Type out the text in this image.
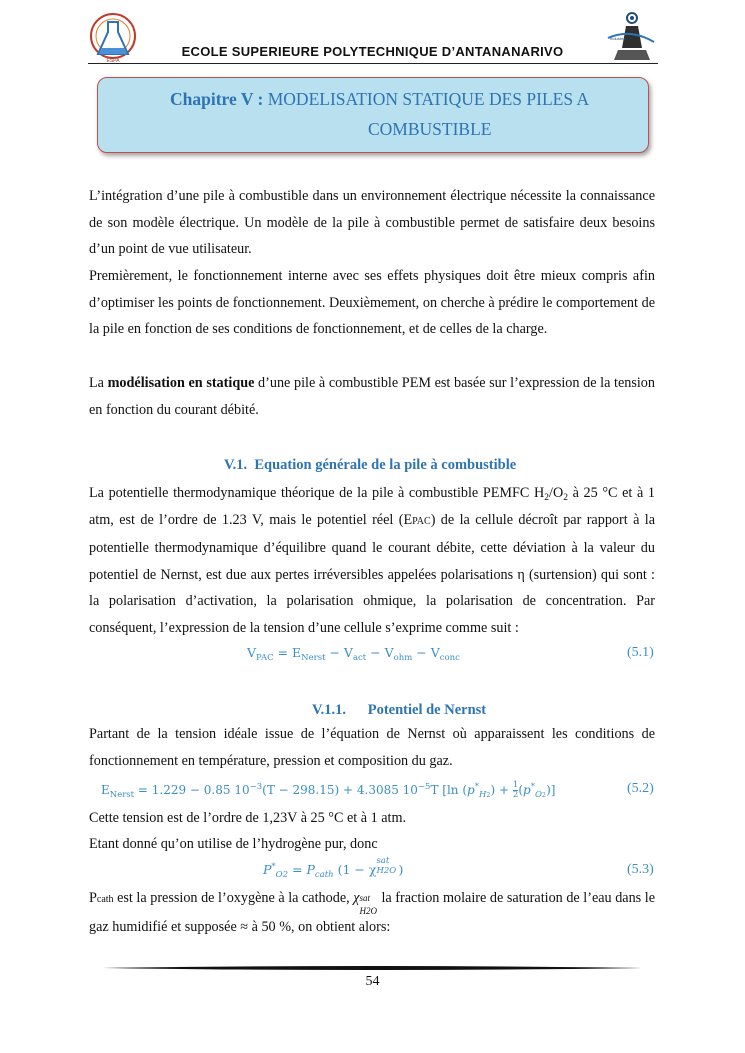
ESPA
Industrial
ECOLE SUPERIEURE POLYTECHNIQUE D’ANTANANARIVO
Chapitre V : MODELISATION STATIQUE DES PILES A
COMBUSTIBLE

L’intégration d’une pile à combustible dans un environnement électrique nécessite la connaissance de son modèle électrique. Un modèle de la pile à combustible permet de satisfaire deux besoins d’un point de vue utilisateur.

Premièrement, le fonctionnement interne avec ses effets physiques doit être mieux compris afin d’optimiser les points de fonctionnement. Deuxièmement, on cherche à prédire le comportement de la pile en fonction de ses conditions de fonctionnement, et de celles de la charge.

La modélisation en statique d’une pile à combustible PEM est basée sur l’expression de la tension en fonction du courant débité.

V.1. Equation générale de la pile à combustible

La potentielle thermodynamique théorique de la pile à combustible PEMFC $H_2/O_2$ à 25 °C et à 1 atm, est de l’ordre de 1.23 V, mais le potentiel réel (EPAC) de la cellule décroît par rapport à la potentielle thermodynamique d’équilibre quand le courant débite, cette déviation à la valeur du potentiel de Nernst, est due aux pertes irréversibles appelées polarisations η (surtension) qui sont : la polarisation d’activation, la polarisation ohmique, la polarisation de concentration. Par conséquent, l’expression de la tension d’une cellule s’exprime comme suit :

$V_{PAC} = E_{Nerst} - V_{act} - V_{ohm} - V_{conc}$	(5.1)
V.1.1. Potentiel de Nernst

Partant de la tension idéale issue de l’équation de Nernst où apparaissent les conditions de fonctionnement en température, pression et composition du gaz.

$E_{Nerst} = 1.229 - 0.85$ $10^{-3}(T - 298.15) + 4.3085$ $10^{-5}T$ [ln $(p^*_{H2}) + \frac{1}{2} (p^*_{O2})$]	(5.2)

Cette tension est de l’ordre de 1,23V à 25 °C et à 1 atm.

Etant donné qu’on utilise de l’hydrogène pur, donc

$P^*_{O2} = P_{cath}$ (1 − χ
sat
H2O )	(5.3)

Pcath est la pression de l’oxygène à la cathode, χ sat
H2O
la fraction molaire de saturation de l’eau dans le gaz humidifié et supposée ≈ à 50 %, on obtient alors:

54
